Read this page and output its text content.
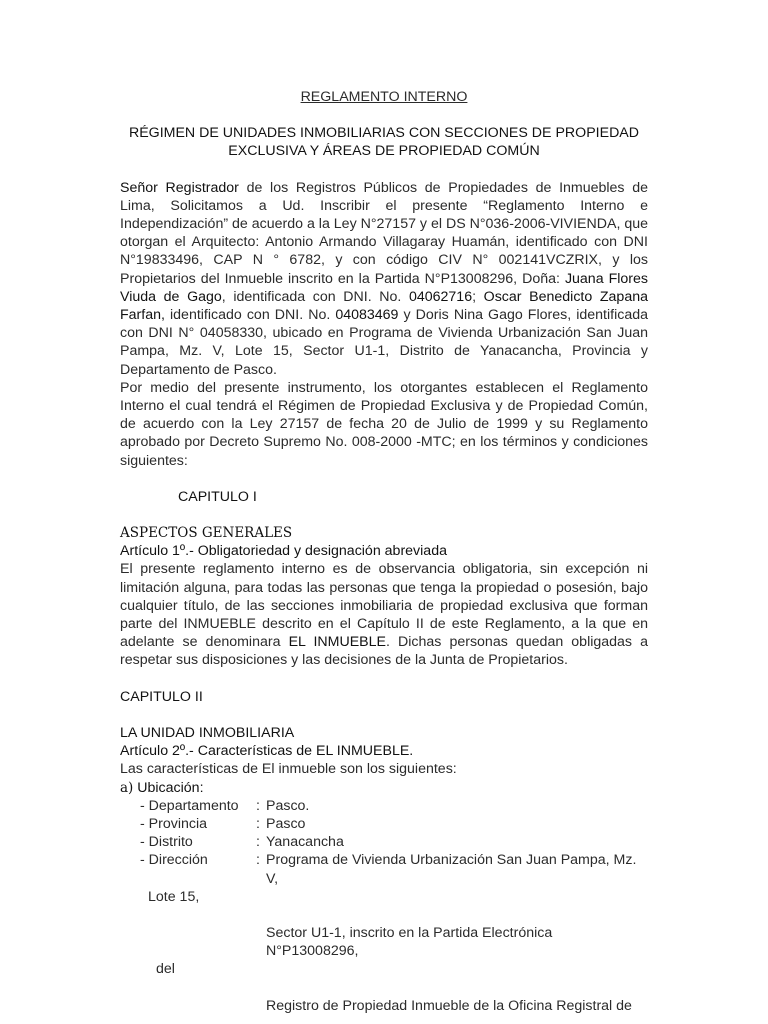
REGLAMENTO INTERNO

RÉGIMEN DE UNIDADES INMOBILIARIAS CON SECCIONES DE PROPIEDAD

EXCLUSIVA Y ÁREAS DE PROPIEDAD COMÚN

Señor Registrador de los Registros Públicos de Propiedades de Inmuebles de Lima, Solicitamos a Ud. Inscribir el presente “Reglamento Interno e Independización” de acuerdo a la Ley N°27157 y el DS N°036-2006-VIVIENDA, que otorgan el Arquitecto: Antonio Armando Villagaray Huamán, identificado con DNI N°19833496, CAP N ° 6782, y con código CIV N° 002141VCZRIX, y los Propietarios del Inmueble inscrito en la Partida N°P13008296, Doña: Juana Flores Viuda de Gago, identificada con DNI. No. 04062716; Oscar Benedicto Zapana Farfan, identificado con DNI. No. 04083469 y Doris Nina Gago Flores, identificada con DNI N° 04058330, ubicado en Programa de Vivienda Urbanización San Juan Pampa, Mz. V, Lote 15, Sector U1-1, Distrito de Yanacancha, Provincia y Departamento de Pasco.

Por medio del presente instrumento, los otorgantes establecen el Reglamento Interno el cual tendrá el Régimen de Propiedad Exclusiva y de Propiedad Común, de acuerdo con la Ley 27157 de fecha 20 de Julio de 1999 y su Reglamento aprobado por Decreto Supremo No. 008-2000 -MTC; en los términos y condiciones siguientes:

CAPITULO I

ASPECTOS GENERALES

Artículo 1º.- Obligatoriedad y designación abreviada

El presente reglamento interno es de observancia obligatoria, sin excepción ni limitación alguna, para todas las personas que tenga la propiedad o posesión, bajo cualquier título, de las secciones inmobiliaria de propiedad exclusiva que forman parte del INMUEBLE descrito en el Capítulo II de este Reglamento, a la que en adelante se denominara EL INMUEBLE. Dichas personas quedan obligadas a respetar sus disposiciones y las decisiones de la Junta de Propietarios.

CAPITULO II

LA UNIDAD INMOBILIARIA

Artículo 2º.- Características de EL INMUEBLE.

Las características de El inmueble son los siguientes:

a) Ubicación:

- Departamento	: Pasco.
- Provincia	: Pasco
- Distrito	: Yanacancha
- Dirección	: Programa de Vivienda Urbanización San Juan Pampa, Mz. V,

Lote 15,

Sector U1-1, inscrito en la Partida Electrónica N°P13008296,

del

Registro de Propiedad Inmueble de la Oficina Registral de
